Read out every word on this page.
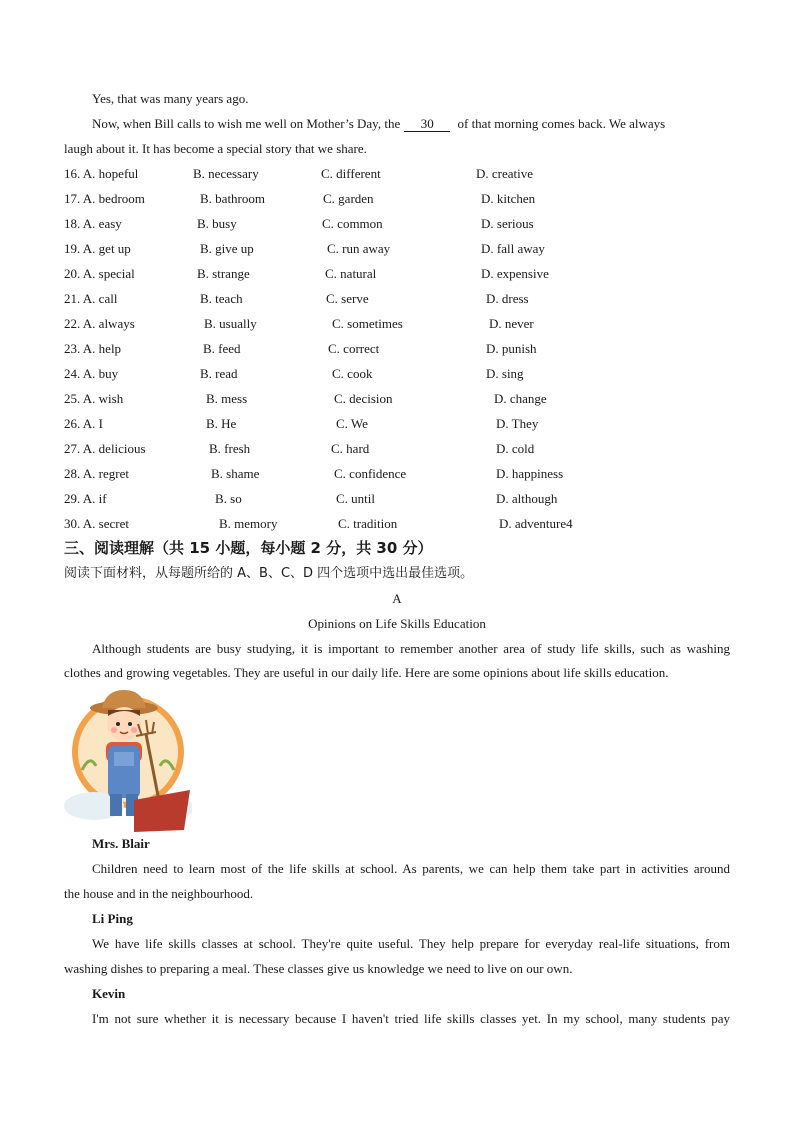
Yes, that was many years ago.
Now, when Bill calls to wish me well on Mother’s Day, the 30 of that morning comes back. We always
laugh about it. It has become a special story that we share.
16. A. hopeful	B. necessary	C. different	D. creative
17. A. bedroom	B. bathroom	C. garden	D. kitchen
18. A. easy	B. busy	C. common	D. serious
19. A. get up	B. give up	C. run away	D. fall away
20. A. special	B. strange	C. natural	D. expensive
21. A. call	B. teach	C. serve	D. dress
22. A. always	B. usually	C. sometimes	D. never
23. A. help	B. feed	C. correct	D. punish
24. A. buy	B. read	C. cook	D. sing
25. A. wish	B. mess	C. decision	D. change
26. A. I	B. He	C. We	D. They
27. A. delicious	B. fresh	C. hard	D. cold
28. A. regret	B. shame	C. confidence	D. happiness
29. A. if	B. so	C. until	D. although
30. A. secret	B. memory	C. tradition	D. adventure4
三、阅读理解（共 15 小题，每小题 2 分，共 30 分）
阅读下面材料，从每题所给的 A、B、C、D 四个选项中选出最佳选项。
A
Opinions on Life Skills Education
Although students are busy studying, it is important to remember another area of study life skills, such as washing
clothes and growing vegetables. They are useful in our daily life. Here are some opinions about life skills education.
Mrs. Blair
Children need to learn most of the life skills at school. As parents, we can help them take part in activities around
the house and in the neighbourhood.
Li Ping
We have life skills classes at school. They're quite useful. They help prepare for everyday real-life situations, from
washing dishes to preparing a meal. These classes give us knowledge we need to live on our own.
Kevin
I'm not sure whether it is necessary because I haven't tried life skills classes yet. In my school, many students pay
